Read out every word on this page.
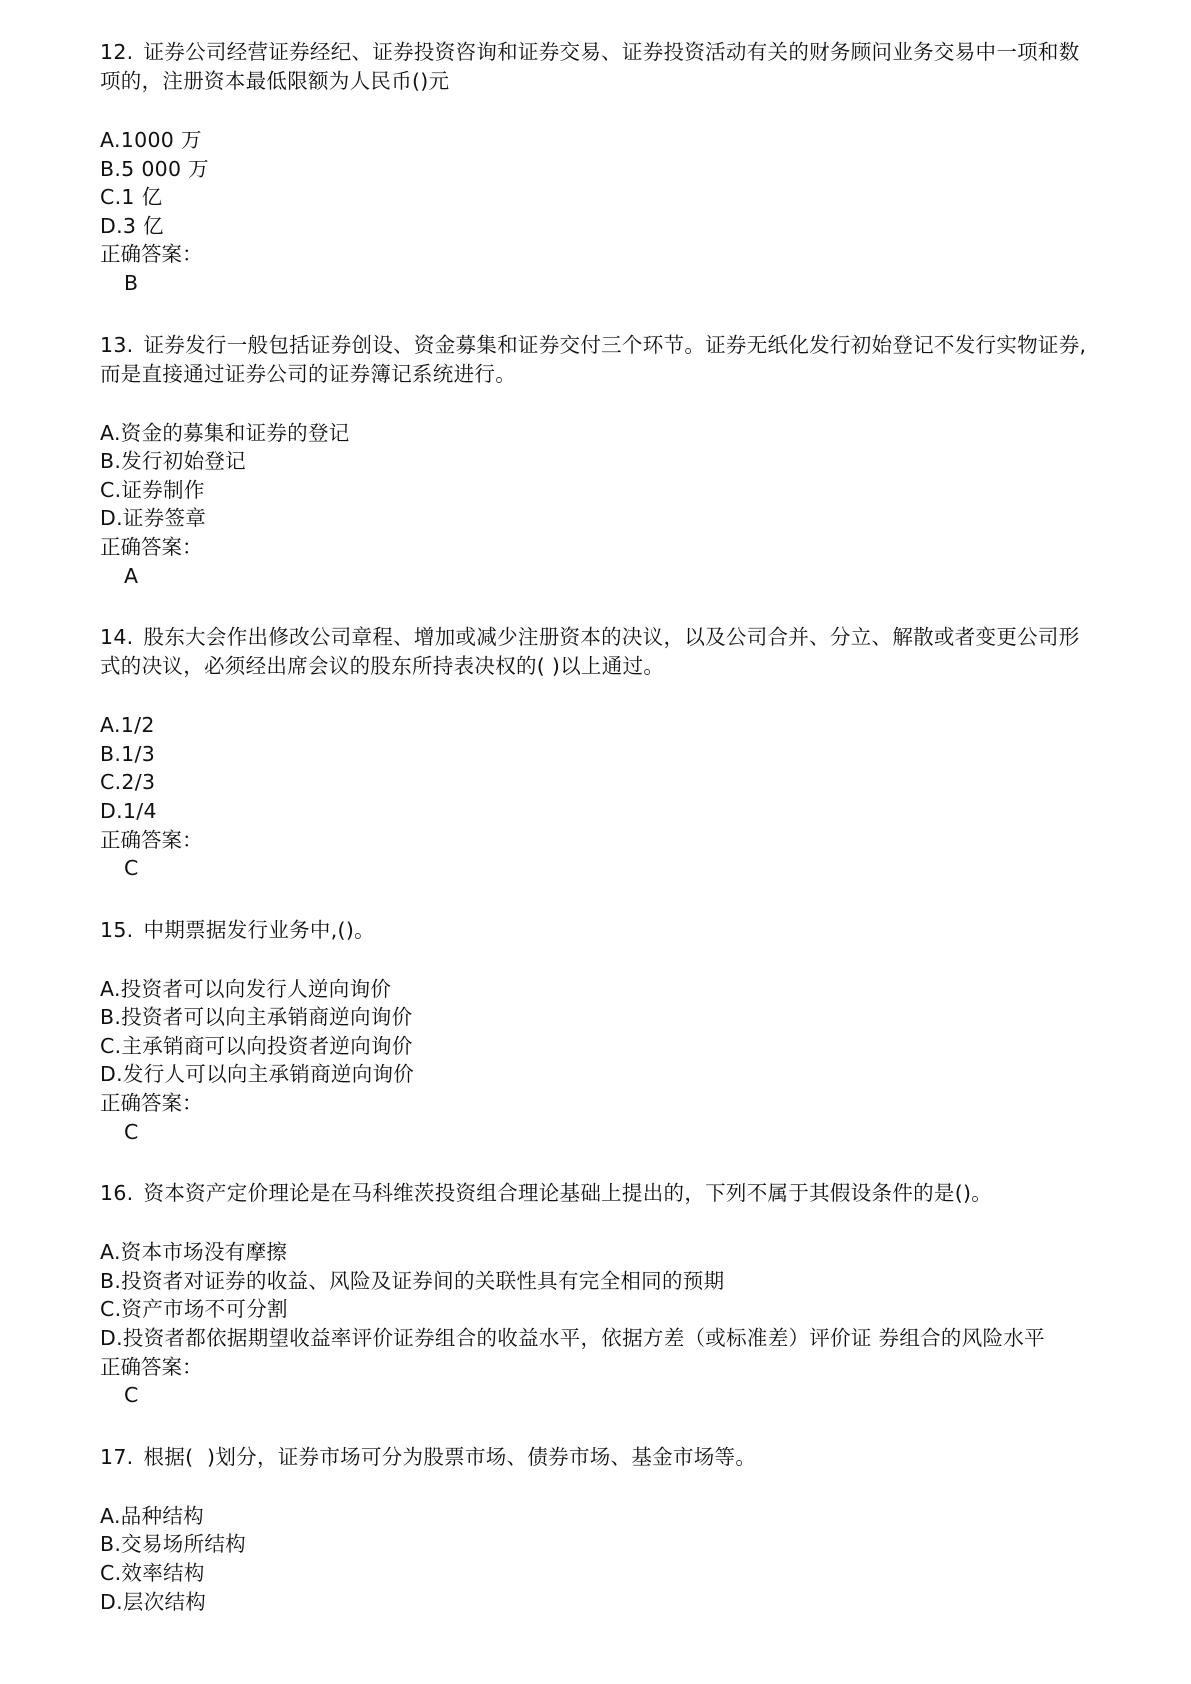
12. 证券公司经营证券经纪、证券投资咨询和证券交易、证券投资活动有关的财务顾问业务交易中一项和数项的，注册资本最低限额为人民币()元

A.1000 万

B.5 000 万

C.1 亿

D.3 亿

正确答案：

B

13. 证券发行一般包括证券创设、资金募集和证券交付三个环节。证券无纸化发行初始登记不发行实物证券,而是直接通过证券公司的证券簿记系统进行。

A.资金的募集和证券的登记

B.发行初始登记

C.证券制作

D.证券签章

正确答案：

A

14. 股东大会作出修改公司章程、增加或减少注册资本的决议，以及公司合并、分立、解散或者变更公司形式的决议，必须经出席会议的股东所持表决权的( )以上通过。

A.1/2

B.1/3

C.2/3

D.1/4

正确答案：

C

15. 中期票据发行业务中,()。

A.投资者可以向发行人逆向询价

B.投资者可以向主承销商逆向询价

C.主承销商可以向投资者逆向询价

D.发行人可以向主承销商逆向询价

正确答案：

C

16. 资本资产定价理论是在马科维茨投资组合理论基础上提出的，下列不属于其假设条件的是()。

A.资本市场没有摩擦

B.投资者对证券的收益、风险及证券间的关联性具有完全相同的预期

C.资产市场不可分割

D.投资者都依据期望收益率评价证券组合的收益水平，依据方差（或标准差）评价证 券组合的风险水平

正确答案：

C

17. 根据(  )划分，证券市场可分为股票市场、债券市场、基金市场等。

A.品种结构

B.交易场所结构

C.效率结构

D.层次结构
